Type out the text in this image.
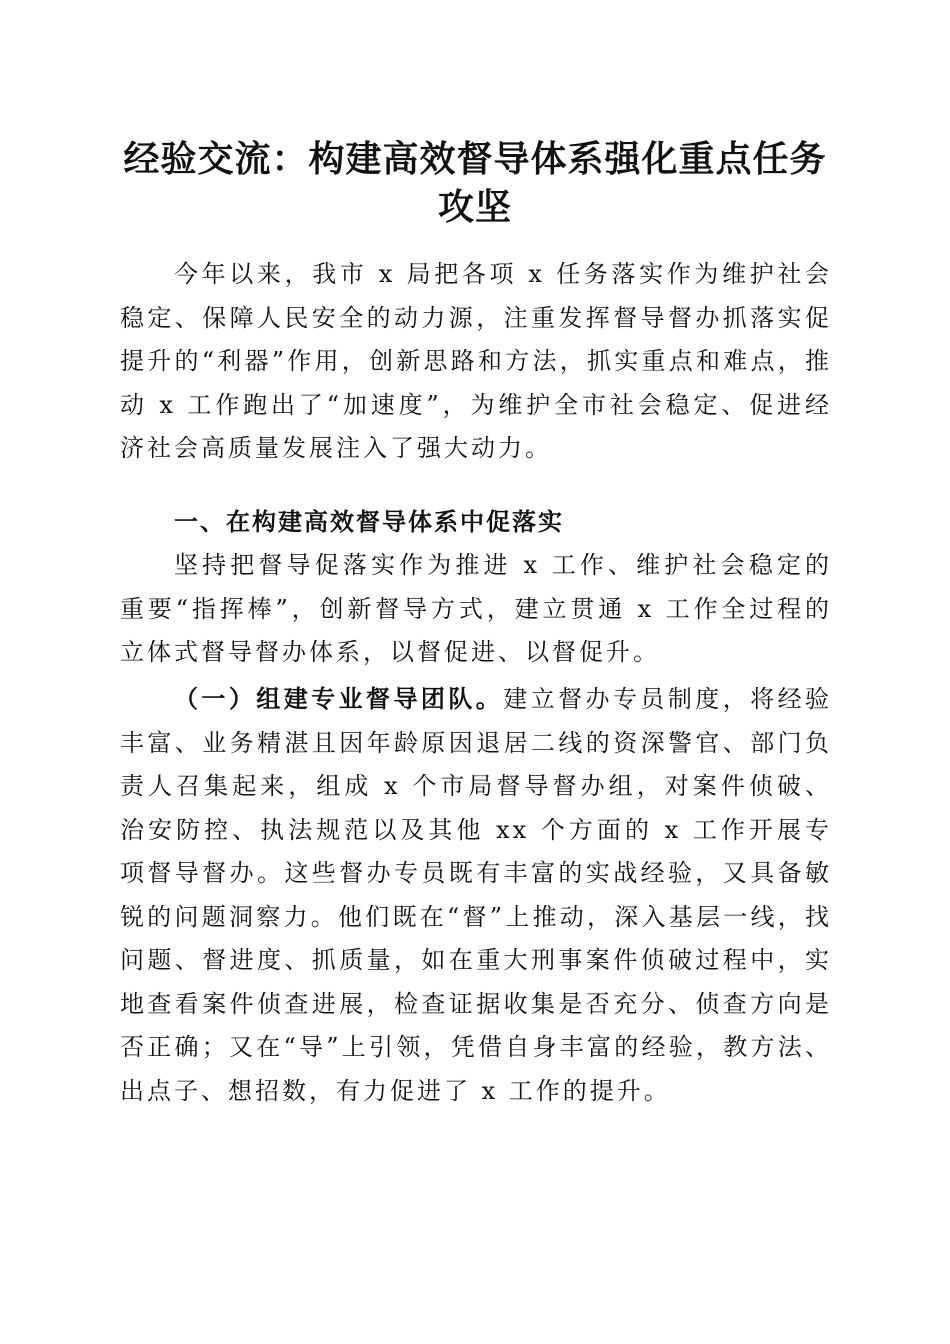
经验交流：构建高效督导体系强化重点任务攻坚

今年以来，我市 x 局把各项 x 任务落实作为维护社会稳定、保障人民安全的动力源，注重发挥督导督办抓落实促提升的“利器”作用，创新思路和方法，抓实重点和难点，推动 x 工作跑出了“加速度”，为维护全市社会稳定、促进经济社会高质量发展注入了强大动力。

一、在构建高效督导体系中促落实

坚持把督导促落实作为推进 x 工作、维护社会稳定的重要“指挥棒”，创新督导方式，建立贯通 x 工作全过程的立体式督导督办体系，以督促进、以督促升。

（一）组建专业督导团队。建立督办专员制度，将经验丰富、业务精湛且因年龄原因退居二线的资深警官、部门负责人召集起来，组成 x 个市局督导督办组，对案件侦破、治安防控、执法规范以及其他 xx 个方面的 x 工作开展专项督导督办。这些督办专员既有丰富的实战经验，又具备敏锐的问题洞察力。他们既在“督”上推动，深入基层一线，找问题、督进度、抓质量，如在重大刑事案件侦破过程中，实地查看案件侦查进展，检查证据收集是否充分、侦查方向是否正确；又在“导”上引领，凭借自身丰富的经验，教方法、出点子、想招数，有力促进了 x 工作的提升。
